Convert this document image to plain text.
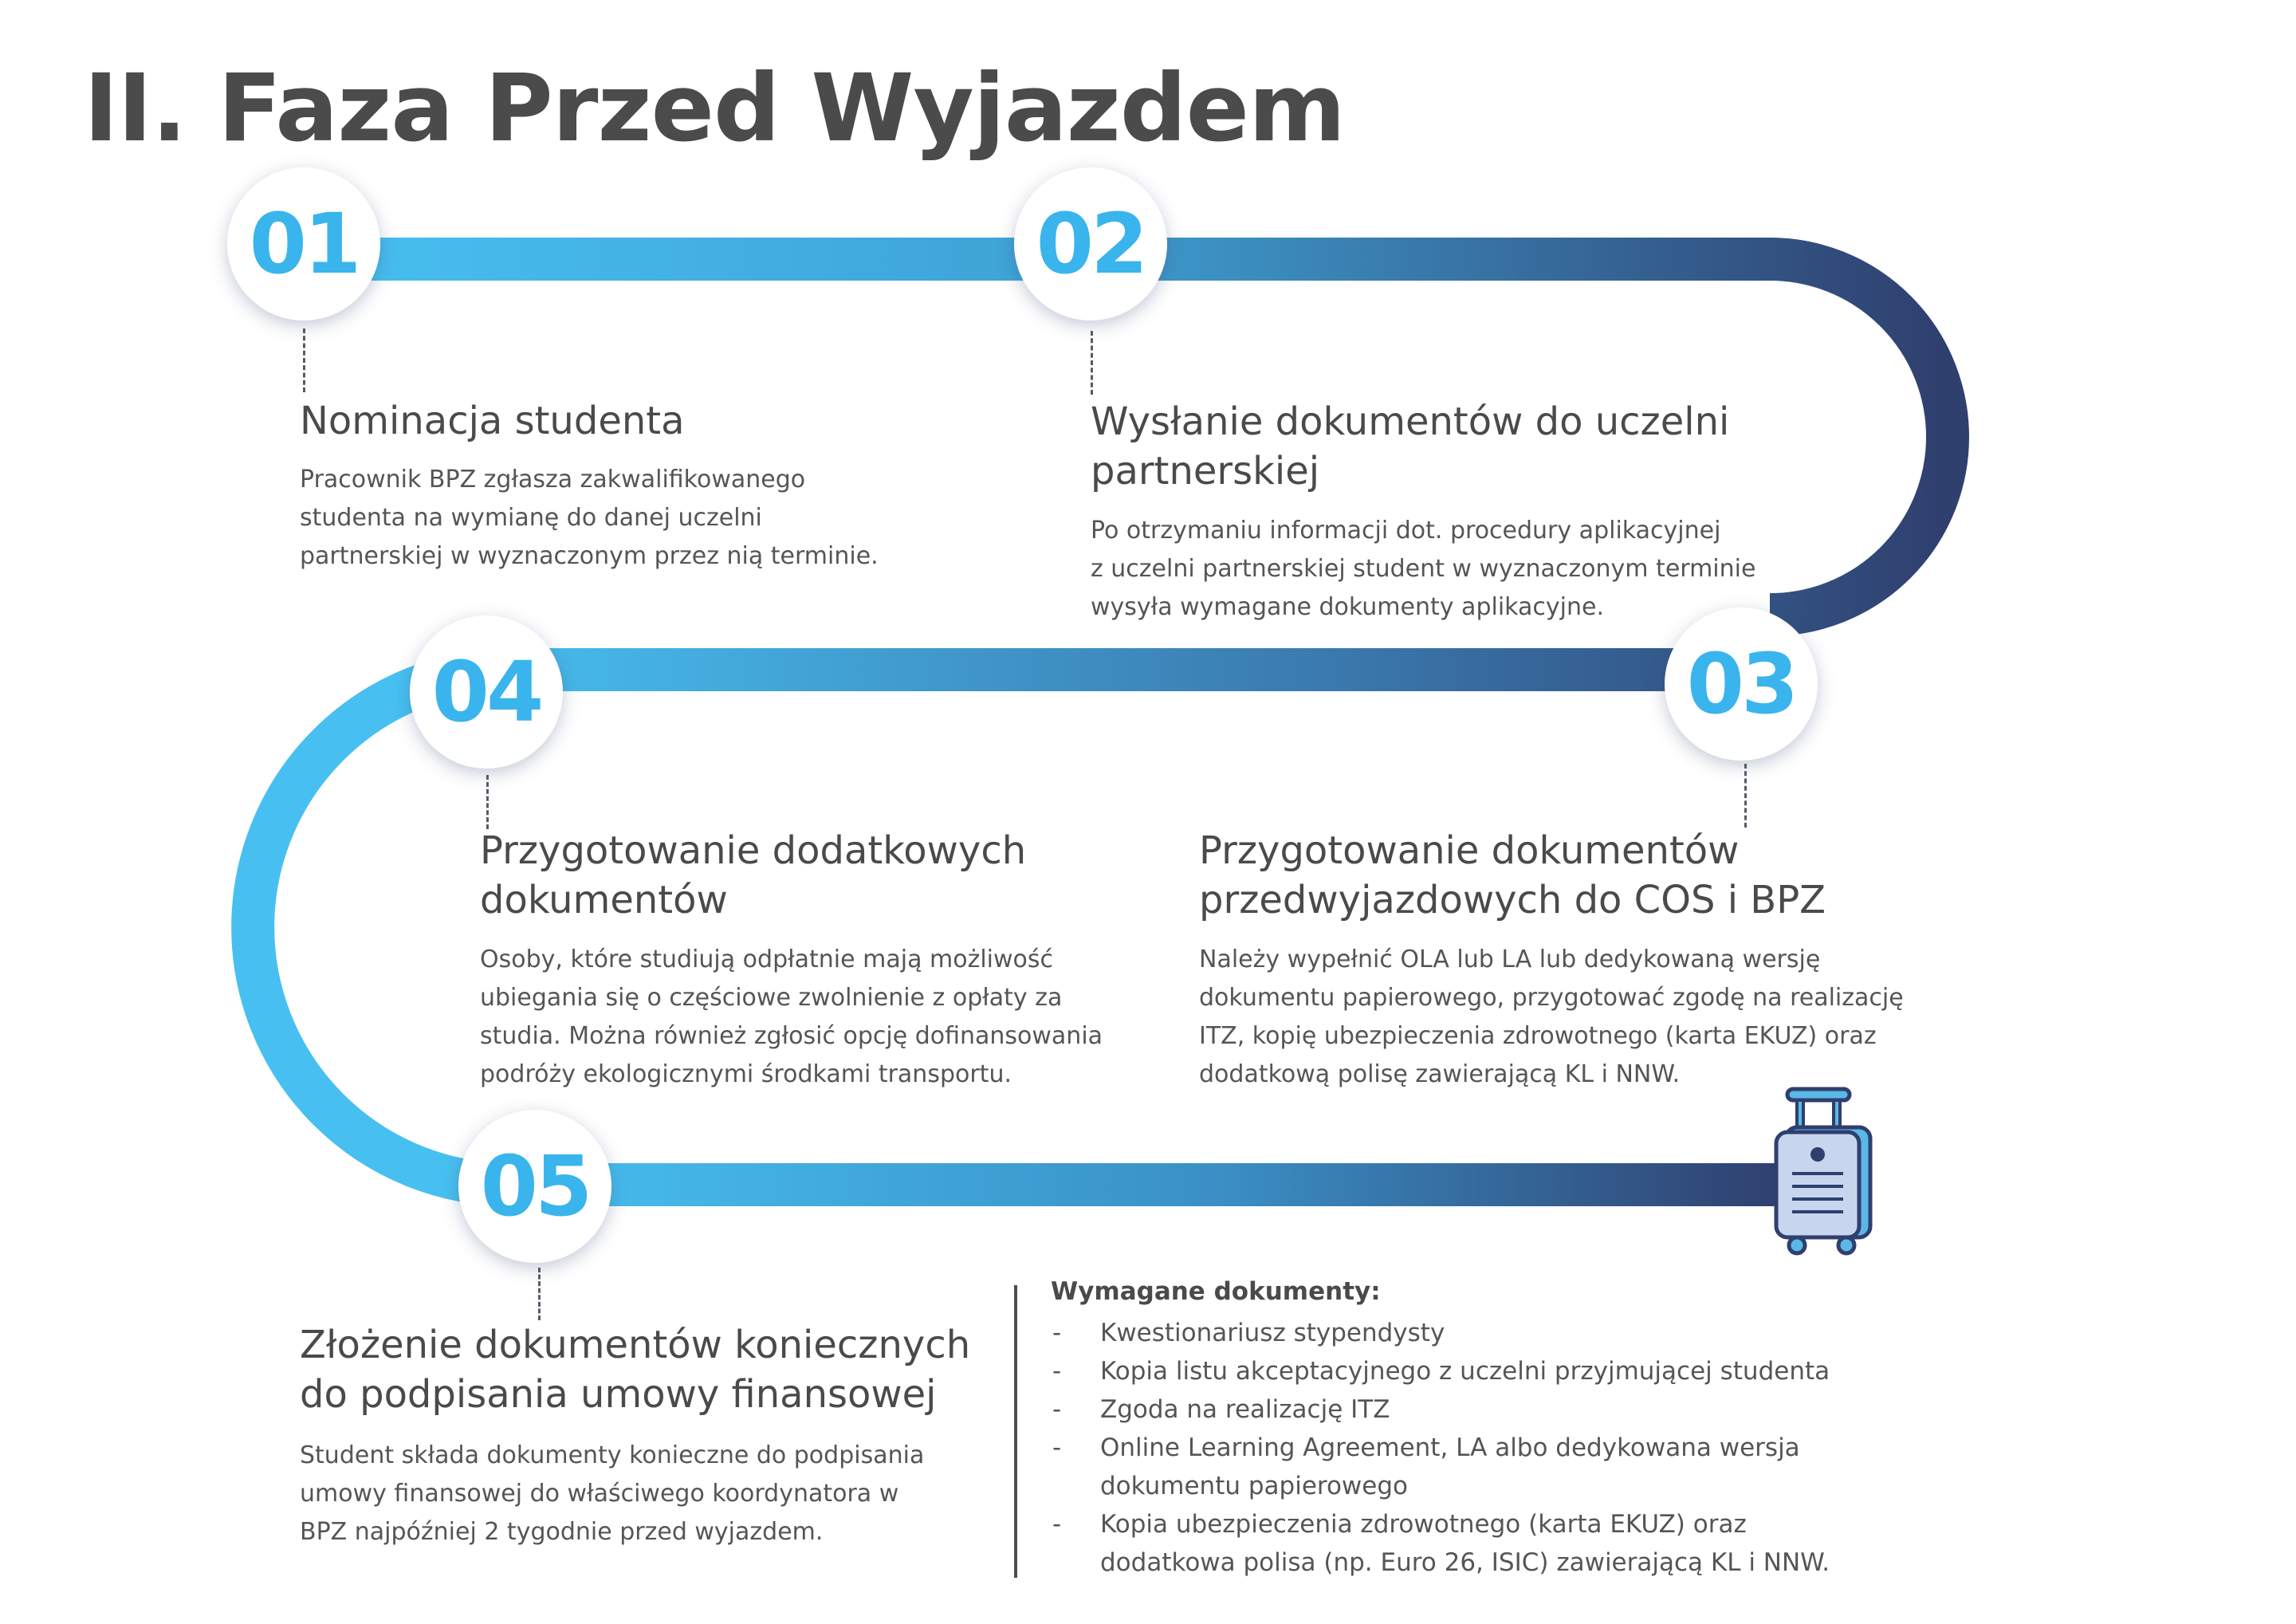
II. Faza Przed Wyjazdem
01
Nominacja studenta
Pracownik BPZ zgłasza zakwalifikowanego
studenta na wymianę do danej uczelni
partnerskiej w wyznaczonym przez nią terminie.
02
Wysłanie dokumentów do uczelni
partnerskiej
Po otrzymaniu informacji dot. procedury aplikacyjnej
z uczelni partnerskiej student w wyznaczonym terminie
wysyła wymagane dokumenty aplikacyjne.
03
Przygotowanie dokumentów
przedwyjazdowych do COS i BPZ
Należy wypełnić OLA lub LA lub dedykowaną wersję
dokumentu papierowego, przygotować zgodę na realizację
ITZ, kopię ubezpieczenia zdrowotnego (karta EKUZ) oraz
dodatkową polisę zawierającą KL i NNW.
04
Przygotowanie dodatkowych
dokumentów
Osoby, które studiują odpłatnie mają możliwość
ubiegania się o częściowe zwolnienie z opłaty za
studia. Można również zgłosić opcję dofinansowania
podróży ekologicznymi środkami transportu.
05
Złożenie dokumentów koniecznych
do podpisania umowy finansowej
Student składa dokumenty konieczne do podpisania
umowy finansowej do właściwego koordynatora w
BPZ najpóźniej 2 tygodnie przed wyjazdem.
Wymagane dokumenty:
- Kwestionariusz stypendysty
- Kopia listu akceptacyjnego z uczelni przyjmującej studenta
- Zgoda na realizację ITZ
- Online Learning Agreement, LA albo dedykowana wersja
dokumentu papierowego
- Kopia ubezpieczenia zdrowotnego (karta EKUZ) oraz
dodatkowa polisa (np. Euro 26, ISIC) zawierającą KL i NNW.
